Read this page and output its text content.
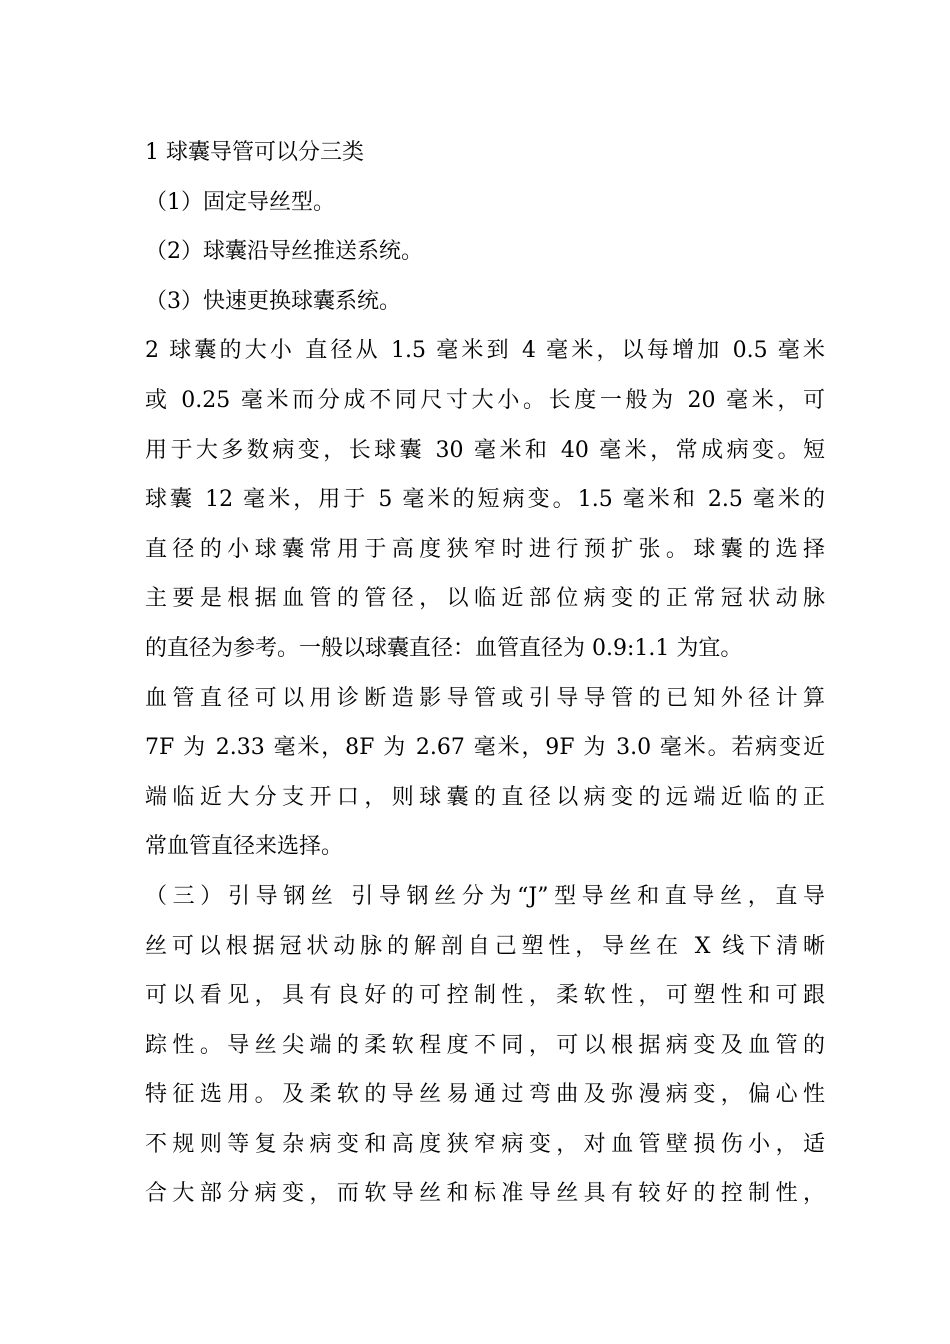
1 球囊导管可以分三类
（1）固定导丝型。
（2）球囊沿导丝推送系统。
（3）快速更换球囊系统。
2 球囊的大小 直径从 1.5 毫米到 4 毫米，以每增加 0.5 毫米
或 0.25 毫米而分成不同尺寸大小。长度一般为 20 毫米，可
用于大多数病变，长球囊 30 毫米和 40 毫米，常成病变。短
球囊 12 毫米，用于 5 毫米的短病变。1.5 毫米和 2.5 毫米的
直径的小球囊常用于高度狭窄时进行预扩张。球囊的选择
主要是根据血管的管径，以临近部位病变的正常冠状动脉
的直径为参考。一般以球囊直径：血管直径为 0.9:1.1 为宜。
血管直径可以用诊断造影导管或引导导管的已知外径计算
7F 为 2.33 毫米，8F 为 2.67 毫米，9F 为 3.0 毫米。若病变近
端临近大分支开口，则球囊的直径以病变的远端近临的正
常血管直径来选择。
（三）引导钢丝 引导钢丝分为“J”型导丝和直导丝，直导
丝可以根据冠状动脉的解剖自己塑性，导丝在 X 线下清晰
可以看见，具有良好的可控制性，柔软性，可塑性和可跟
踪性。导丝尖端的柔软程度不同，可以根据病变及血管的
特征选用。及柔软的导丝易通过弯曲及弥漫病变，偏心性
不规则等复杂病变和高度狭窄病变，对血管壁损伤小，适
合大部分病变，而软导丝和标准导丝具有较好的控制性，
